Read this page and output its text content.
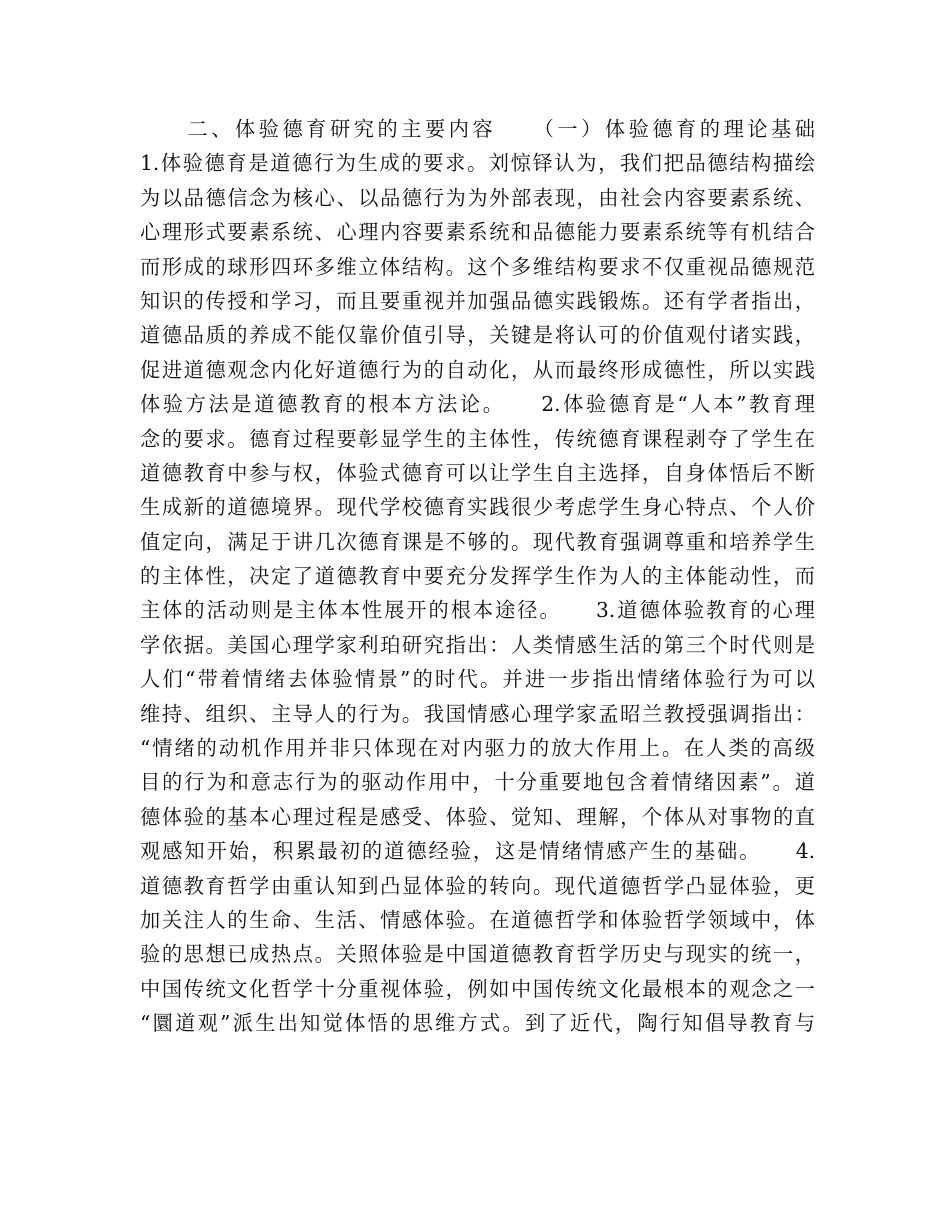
　　二、体验德育研究的主要内容　　（一）体验德育的理论基础
1.体验德育是道德行为生成的要求。刘惊铎认为，我们把品德结构描绘
为以品德信念为核心、以品德行为为外部表现，由社会内容要素系统、
心理形式要素系统、心理内容要素系统和品德能力要素系统等有机结合
而形成的球形四环多维立体结构。这个多维结构要求不仅重视品德规范
知识的传授和学习，而且要重视并加强品德实践锻炼。还有学者指出，
道德品质的养成不能仅靠价值引导，关键是将认可的价值观付诸实践，
促进道德观念内化好道德行为的自动化，从而最终形成德性，所以实践
体验方法是道德教育的根本方法论。　　2.体验德育是“人本”教育理
念的要求。德育过程要彰显学生的主体性，传统德育课程剥夺了学生在
道德教育中参与权，体验式德育可以让学生自主选择，自身体悟后不断
生成新的道德境界。现代学校德育实践很少考虑学生身心特点、个人价
值定向，满足于讲几次德育课是不够的。现代教育强调尊重和培养学生
的主体性，决定了道德教育中要充分发挥学生作为人的主体能动性，而
主体的活动则是主体本性展开的根本途径。　　3.道德体验教育的心理
学依据。美国心理学家利珀研究指出：人类情感生活的第三个时代则是
人们“带着情绪去体验情景”的时代。并进一步指出情绪体验行为可以
维持、组织、主导人的行为。我国情感心理学家孟昭兰教授强调指出：
“情绪的动机作用并非只体现在对内驱力的放大作用上。在人类的高级
目的行为和意志行为的驱动作用中，十分重要地包含着情绪因素”。道
德体验的基本心理过程是感受、体验、觉知、理解，个体从对事物的直
观感知开始，积累最初的道德经验，这是情绪情感产生的基础。　　4.
道德教育哲学由重认知到凸显体验的转向。现代道德哲学凸显体验，更
加关注人的生命、生活、情感体验。在道德哲学和体验哲学领域中，体
验的思想已成热点。关照体验是中国道德教育哲学历史与现实的统一，
中国传统文化哲学十分重视体验，例如中国传统文化最根本的观念之一
“圜道观”派生出知觉体悟的思维方式。到了近代，陶行知倡导教育与
